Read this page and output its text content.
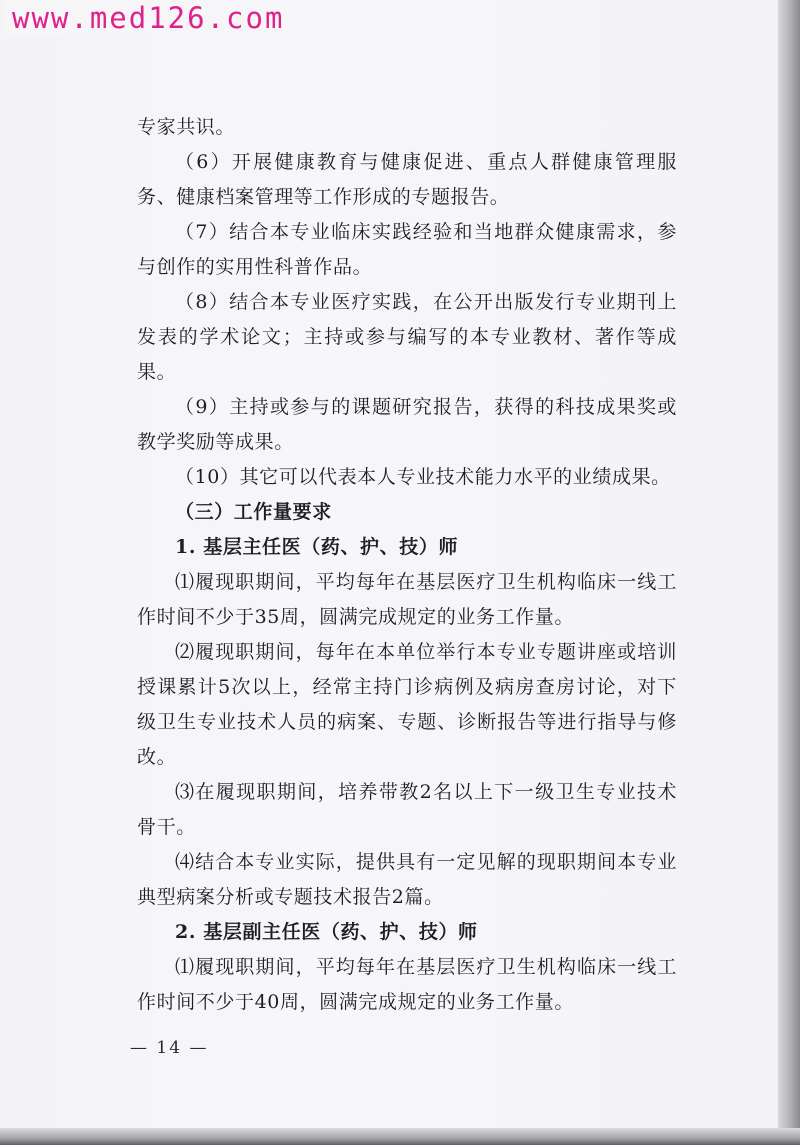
www.med126.com

专家共识。

（6）开展健康教育与健康促进、重点人群健康管理服务、健康档案管理等工作形成的专题报告。

（7）结合本专业临床实践经验和当地群众健康需求，参与创作的实用性科普作品。

（8）结合本专业医疗实践，在公开出版发行专业期刊上发表的学术论文；主持或参与编写的本专业教材、著作等成果。

（9）主持或参与的课题研究报告，获得的科技成果奖或教学奖励等成果。

（10）其它可以代表本人专业技术能力水平的业绩成果。

（三）工作量要求

1. 基层主任医（药、护、技）师

⑴履现职期间，平均每年在基层医疗卫生机构临床一线工作时间不少于35周，圆满完成规定的业务工作量。

⑵履现职期间，每年在本单位举行本专业专题讲座或培训授课累计5次以上，经常主持门诊病例及病房查房讨论，对下级卫生专业技术人员的病案、专题、诊断报告等进行指导与修改。

⑶在履现职期间，培养带教2名以上下一级卫生专业技术骨干。

⑷结合本专业实际，提供具有一定见解的现职期间本专业典型病案分析或专题技术报告2篇。

2. 基层副主任医（药、护、技）师

⑴履现职期间，平均每年在基层医疗卫生机构临床一线工作时间不少于40周，圆满完成规定的业务工作量。

— 14 —
